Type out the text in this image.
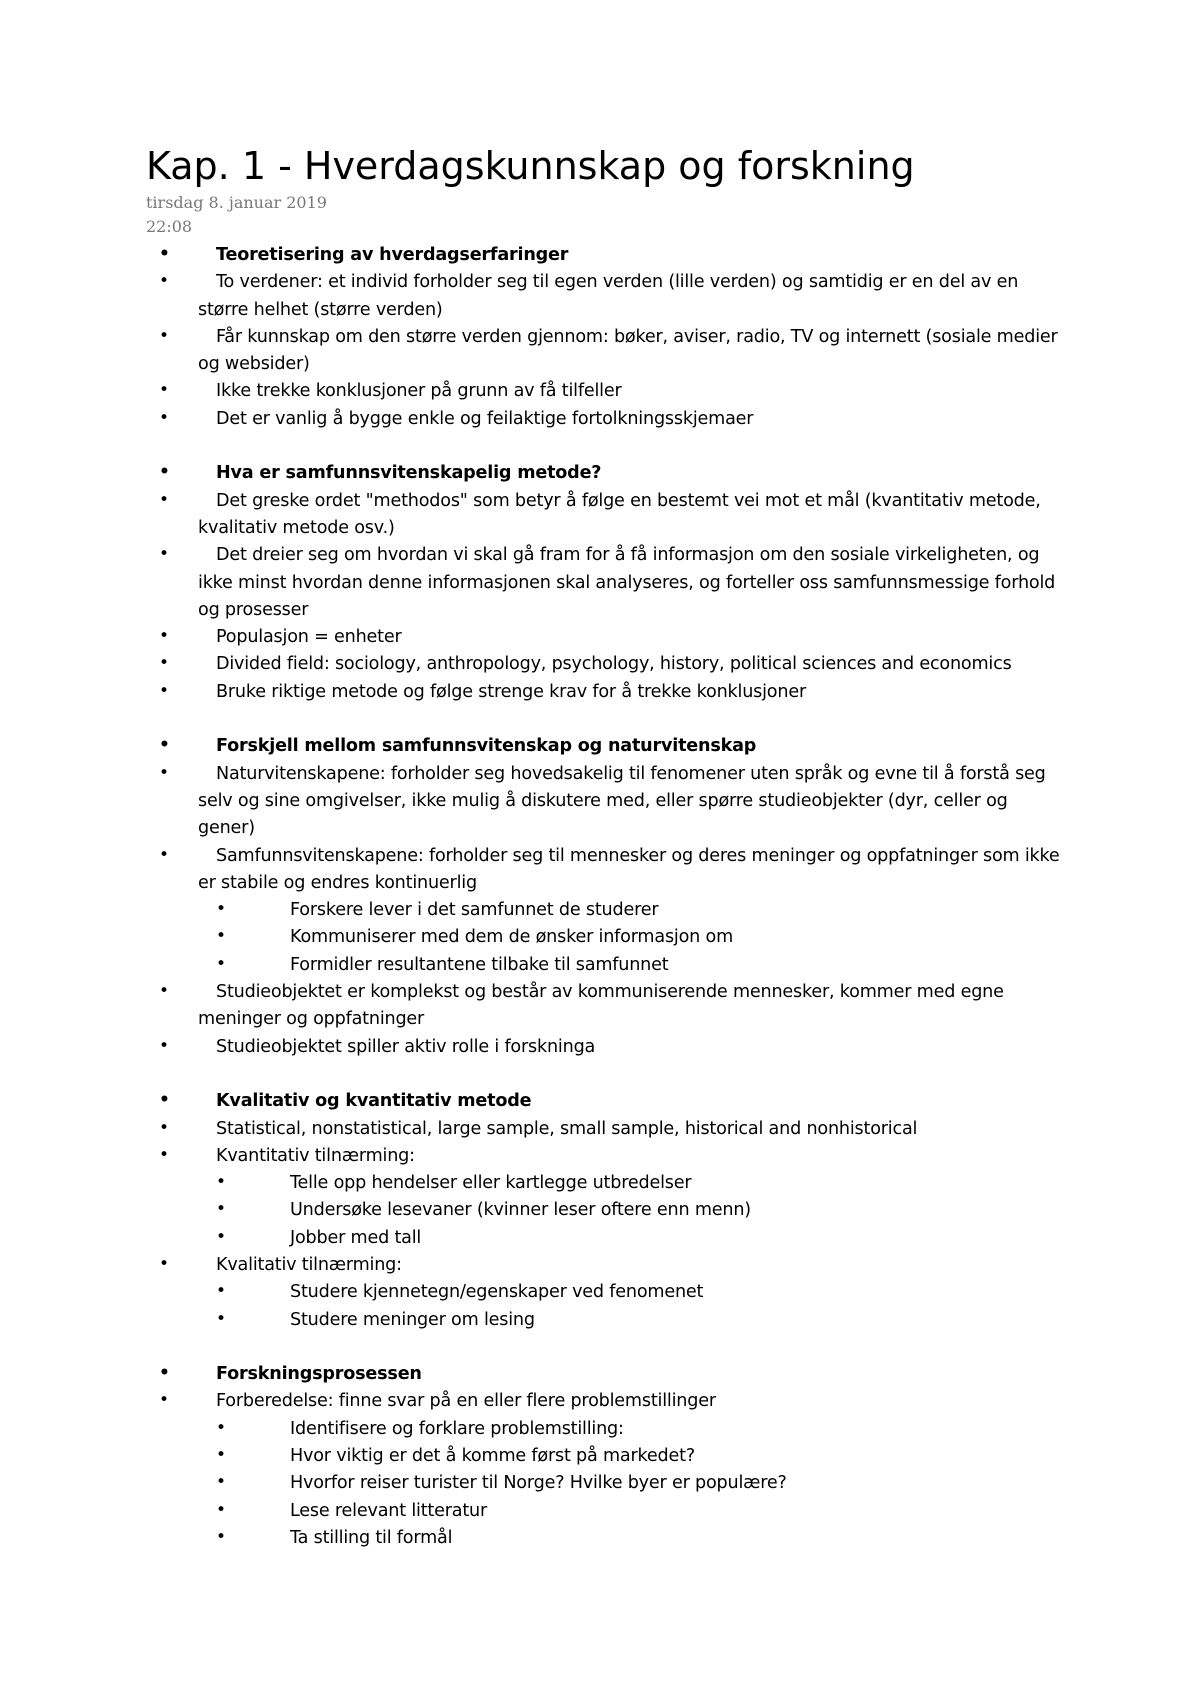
Kap. 1 - Hverdagskunnskap og forskning
tirsdag 8. januar 2019
22:08
•	Teoretisering av hverdagserfaringer
•	To verdener: et individ forholder seg til egen verden (lille verden) og samtidig er en del av en større helhet (større verden)
•	Får kunnskap om den større verden gjennom: bøker, aviser, radio, TV og internett (sosiale medier og websider)
•	Ikke trekke konklusjoner på grunn av få tilfeller
•	Det er vanlig å bygge enkle og feilaktige fortolkningsskjemaer
•	Hva er samfunnsvitenskapelig metode?
•	Det greske ordet "methodos" som betyr å følge en bestemt vei mot et mål (kvantitativ metode, kvalitativ metode osv.)
•	Det dreier seg om hvordan vi skal gå fram for å få informasjon om den sosiale virkeligheten, og ikke minst hvordan denne informasjonen skal analyseres, og forteller oss samfunnsmessige forhold og prosesser
•	Populasjon = enheter
•	Divided field: sociology, anthropology, psychology, history, political sciences and economics
•	Bruke riktige metode og følge strenge krav for å trekke konklusjoner
•	Forskjell mellom samfunnsvitenskap og naturvitenskap
•	Naturvitenskapene: forholder seg hovedsakelig til fenomener uten språk og evne til å forstå seg selv og sine omgivelser, ikke mulig å diskutere med, eller spørre studieobjekter (dyr, celler og gener)
•	Samfunnsvitenskapene: forholder seg til mennesker og deres meninger og oppfatninger som ikke er stabile og endres kontinuerlig
•	Forskere lever i det samfunnet de studerer
•	Kommuniserer med dem de ønsker informasjon om
•	Formidler resultantene tilbake til samfunnet
•	Studieobjektet er komplekst og består av kommuniserende mennesker, kommer med egne meninger og oppfatninger
•	Studieobjektet spiller aktiv rolle i forskninga
•	Kvalitativ og kvantitativ metode
•	Statistical, nonstatistical, large sample, small sample, historical and nonhistorical
•	Kvantitativ tilnærming:
•	Telle opp hendelser eller kartlegge utbredelser
•	Undersøke lesevaner (kvinner leser oftere enn menn)
•	Jobber med tall
•	Kvalitativ tilnærming:
•	Studere kjennetegn/egenskaper ved fenomenet
•	Studere meninger om lesing
•	Forskningsprosessen
•	Forberedelse: finne svar på en eller flere problemstillinger
•	Identifisere og forklare problemstilling:
•	Hvor viktig er det å komme først på markedet?
•	Hvorfor reiser turister til Norge? Hvilke byer er populære?
•	Lese relevant litteratur
•	Ta stilling til formål
